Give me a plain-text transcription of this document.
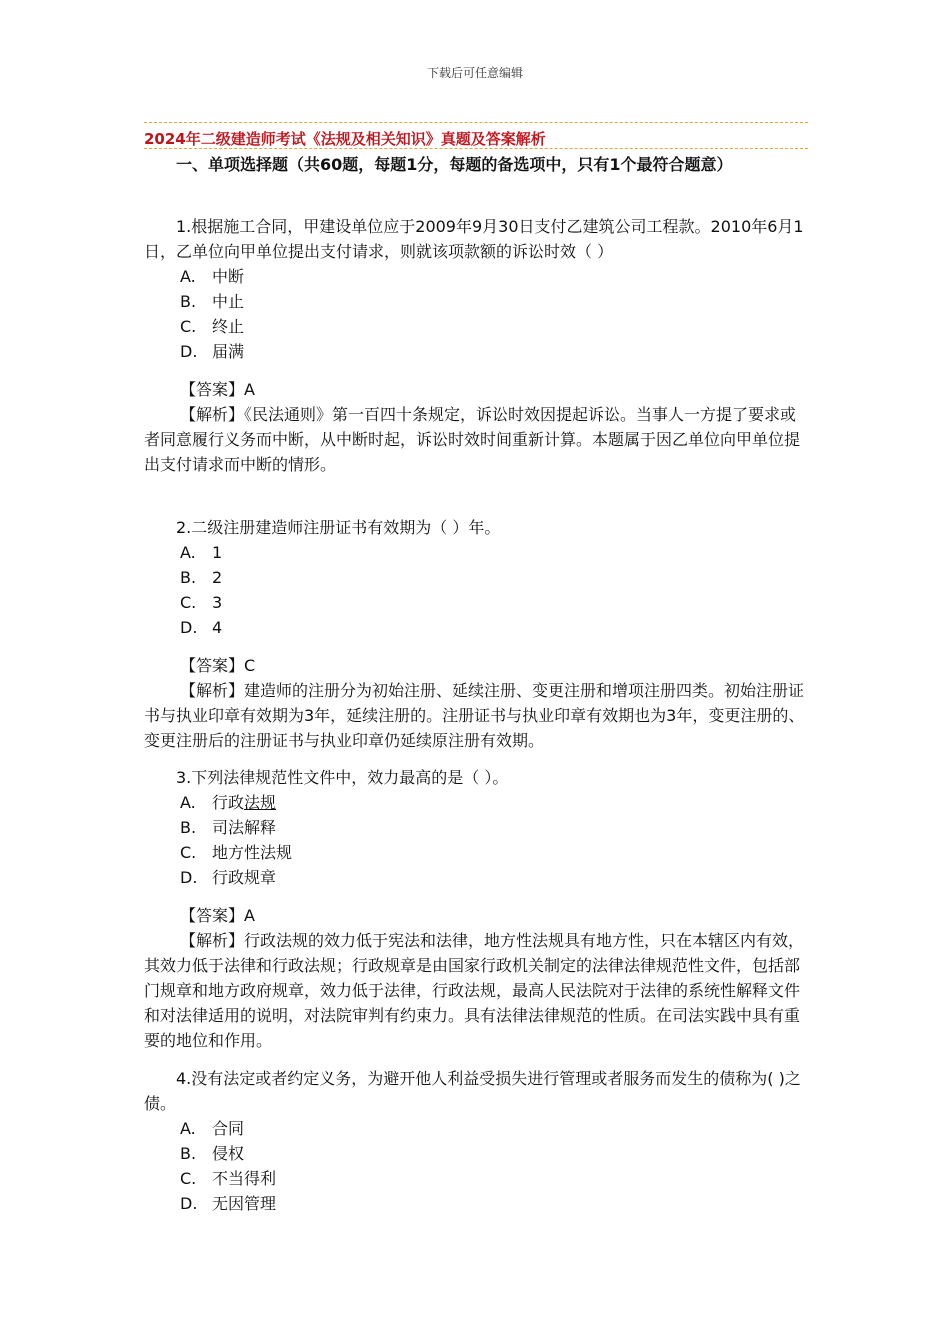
下载后可任意编辑
2024年二级建造师考试《法规及相关知识》真题及答案解析
一、单项选择题（共60题，每题1分，每题的备选项中，只有1个最符合题意）

1.根据施工合同，甲建设单位应于2009年9月30日支付乙建筑公司工程款。2010年6月1日，乙单位向甲单位提出支付请求，则就该项款额的诉讼时效（ ）

A. 中断

B. 中止

C. 终止

D. 届满

【答案】A

【解析】《民法通则》第一百四十条规定，诉讼时效因提起诉讼。当事人一方提了要求或者同意履行义务而中断，从中断时起，诉讼时效时间重新计算。本题属于因乙单位向甲单位提出支付请求而中断的情形。

2.二级注册建造师注册证书有效期为（ ）年。

A. 1

B. 2

C. 3

D. 4

【答案】C

【解析】建造师的注册分为初始注册、延续注册、变更注册和增项注册四类。初始注册证书与执业印章有效期为3年，延续注册的。注册证书与执业印章有效期也为3年，变更注册的、变更注册后的注册证书与执业印章仍延续原注册有效期。

3.下列法律规范性文件中，效力最高的是（ ）。

A. 行政法规

B. 司法解释

C. 地方性法规

D. 行政规章

【答案】A

【解析】行政法规的效力低于宪法和法律，地方性法规具有地方性，只在本辖区内有效，其效力低于法律和行政法规；行政规章是由国家行政机关制定的法律法律规范性文件，包括部门规章和地方政府规章，效力低于法律，行政法规，最高人民法院对于法律的系统性解释文件和对法律适用的说明，对法院审判有约束力。具有法律法律规范的性质。在司法实践中具有重要的地位和作用。

4.没有法定或者约定义务，为避开他人利益受损失进行管理或者服务而发生的债称为( )之债。

A. 合同

B. 侵权

C. 不当得利

D. 无因管理
